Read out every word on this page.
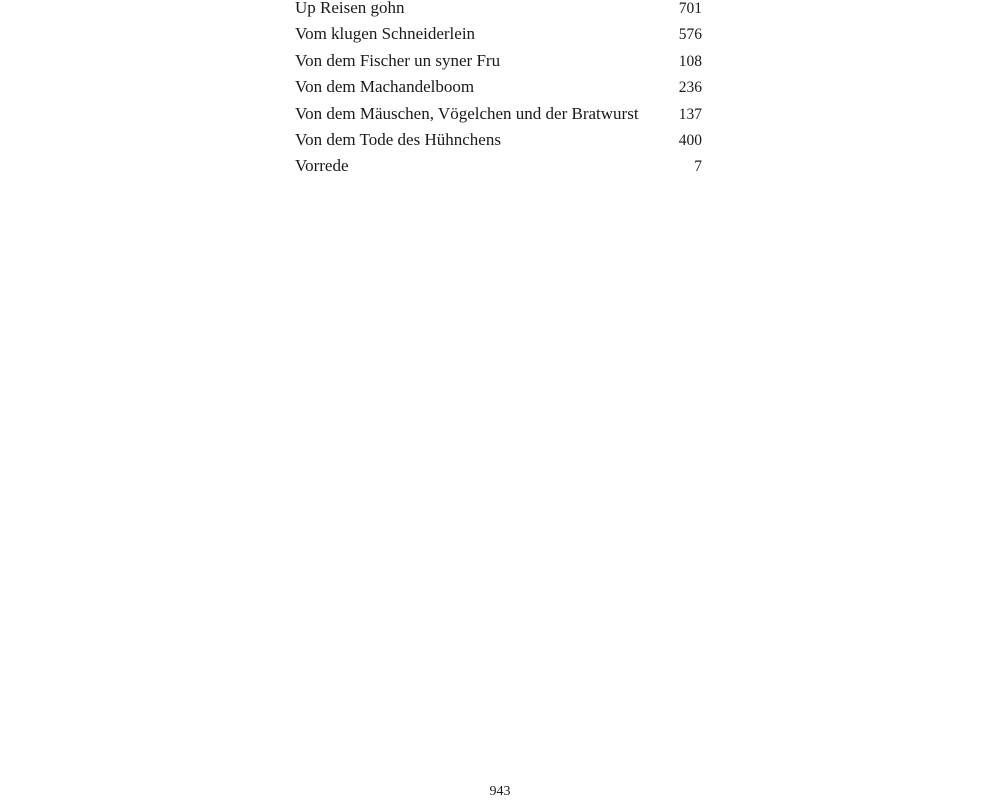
Up Reisen gohn	701
Vom klugen Schneiderlein	576
Von dem Fischer un syner Fru	108
Von dem Machandelboom	236
Von dem Mäuschen, Vögelchen und der Bratwurst	137
Von dem Tode des Hühnchens	400
Vorrede	7
943
